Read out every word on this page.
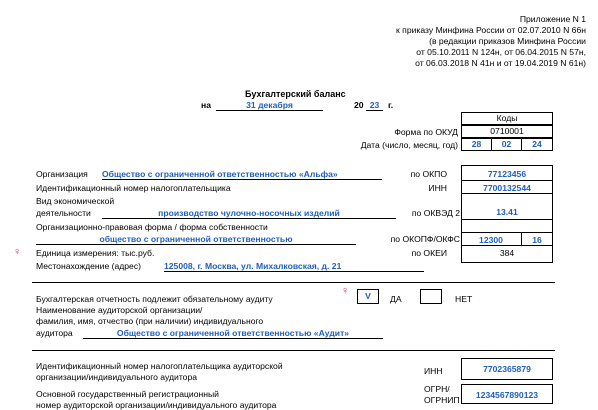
Приложение N 1
к приказу Минфина России от 02.07.2010 N 66н
(в редакции приказов Минфина России
от 05.10.2011 N 124н, от 06.04.2015 N 57н,
от 06.03.2018 N 41н и от 19.04.2019 N 61н)
Бухгалтерский баланс
на	31 декабря	20 23	г.
Коды
Форма по ОКУД	0710001
Дата (число, месяц, год)	28	02	24
Организация Общество с ограниченной ответственностью «Альфа»	по ОКПО	77123456
Идентификационный номер налогоплательщика	ИНН	7700132544
Вид экономической
деятельности	производство чулочно-носочных изделий	по ОКВЭД 2	13.41
Организационно-правовая форма / форма собственности
общество с ограниченной ответственностью	по ОКОПФ/ОКФС	12300	16
♀ Единица измерения: тыс.руб.	по ОКЕИ	384
Местонахождение (адрес)	125008, г. Москва, ул. Михалковская, д. 21
Бухгалтерская отчетность подлежит обязательному аудиту
♀	V	ДА	НЕТ
Наименование аудиторской организации/
фамилия, имя, отчество (при наличии) индивидуального
аудитора	Общество с ограниченной ответственностью «Аудит»
Идентификационный номер налогоплательщика аудиторской
организации/индивидуального аудитора
ИНН	7702365879
Основной государственный регистрационный
номер аудиторской организации/индивидуального аудитора
ОГРН/
ОГРНИП	1234567890123
